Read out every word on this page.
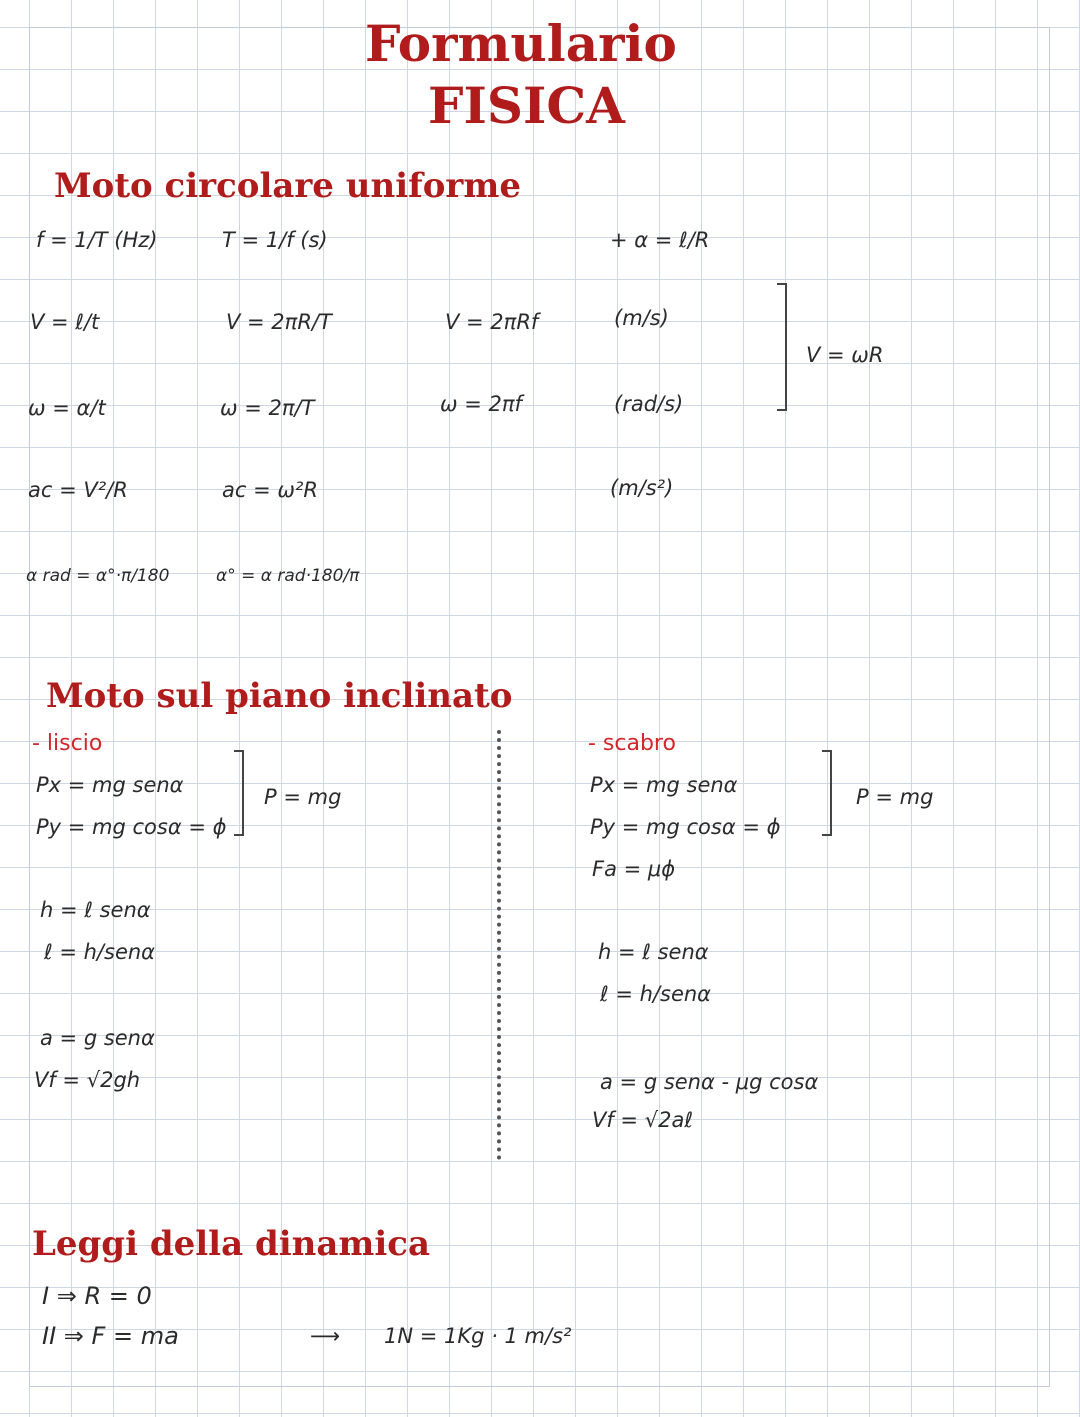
Formulario
FISICA
Moto circolare uniforme
f = 1/T (Hz)	T = 1/f (s)	+ α = ℓ/R
V = ℓ/t	V = 2πR/T	V = 2πRf	(m/s)
V = ωR
ω = α/t	ω = 2π/T	ω = 2πf	(rad/s)
aᴄ = V²/R	aᴄ = ω²R	(m/s²)
α rad = α°·π/180	α° = α rad·180/π
Moto sul piano inclinato
- liscio
Px = mg senα
Py = mg cosα = ϕ
P = mg
h = ℓ senα
ℓ = h/senα
a = g senα
Vf = √2gh
- scabro
Px = mg senα
Py = mg cosα = ϕ
Fa = μϕ
P = mg
h = ℓ senα
ℓ = h/senα
a = g senα - μg cosα
Vf = √2aℓ
Leggi della dinamica
I ⇒ R = 0
II ⇒ F = ma	⟶ 1N = 1Kg · 1 m/s²
